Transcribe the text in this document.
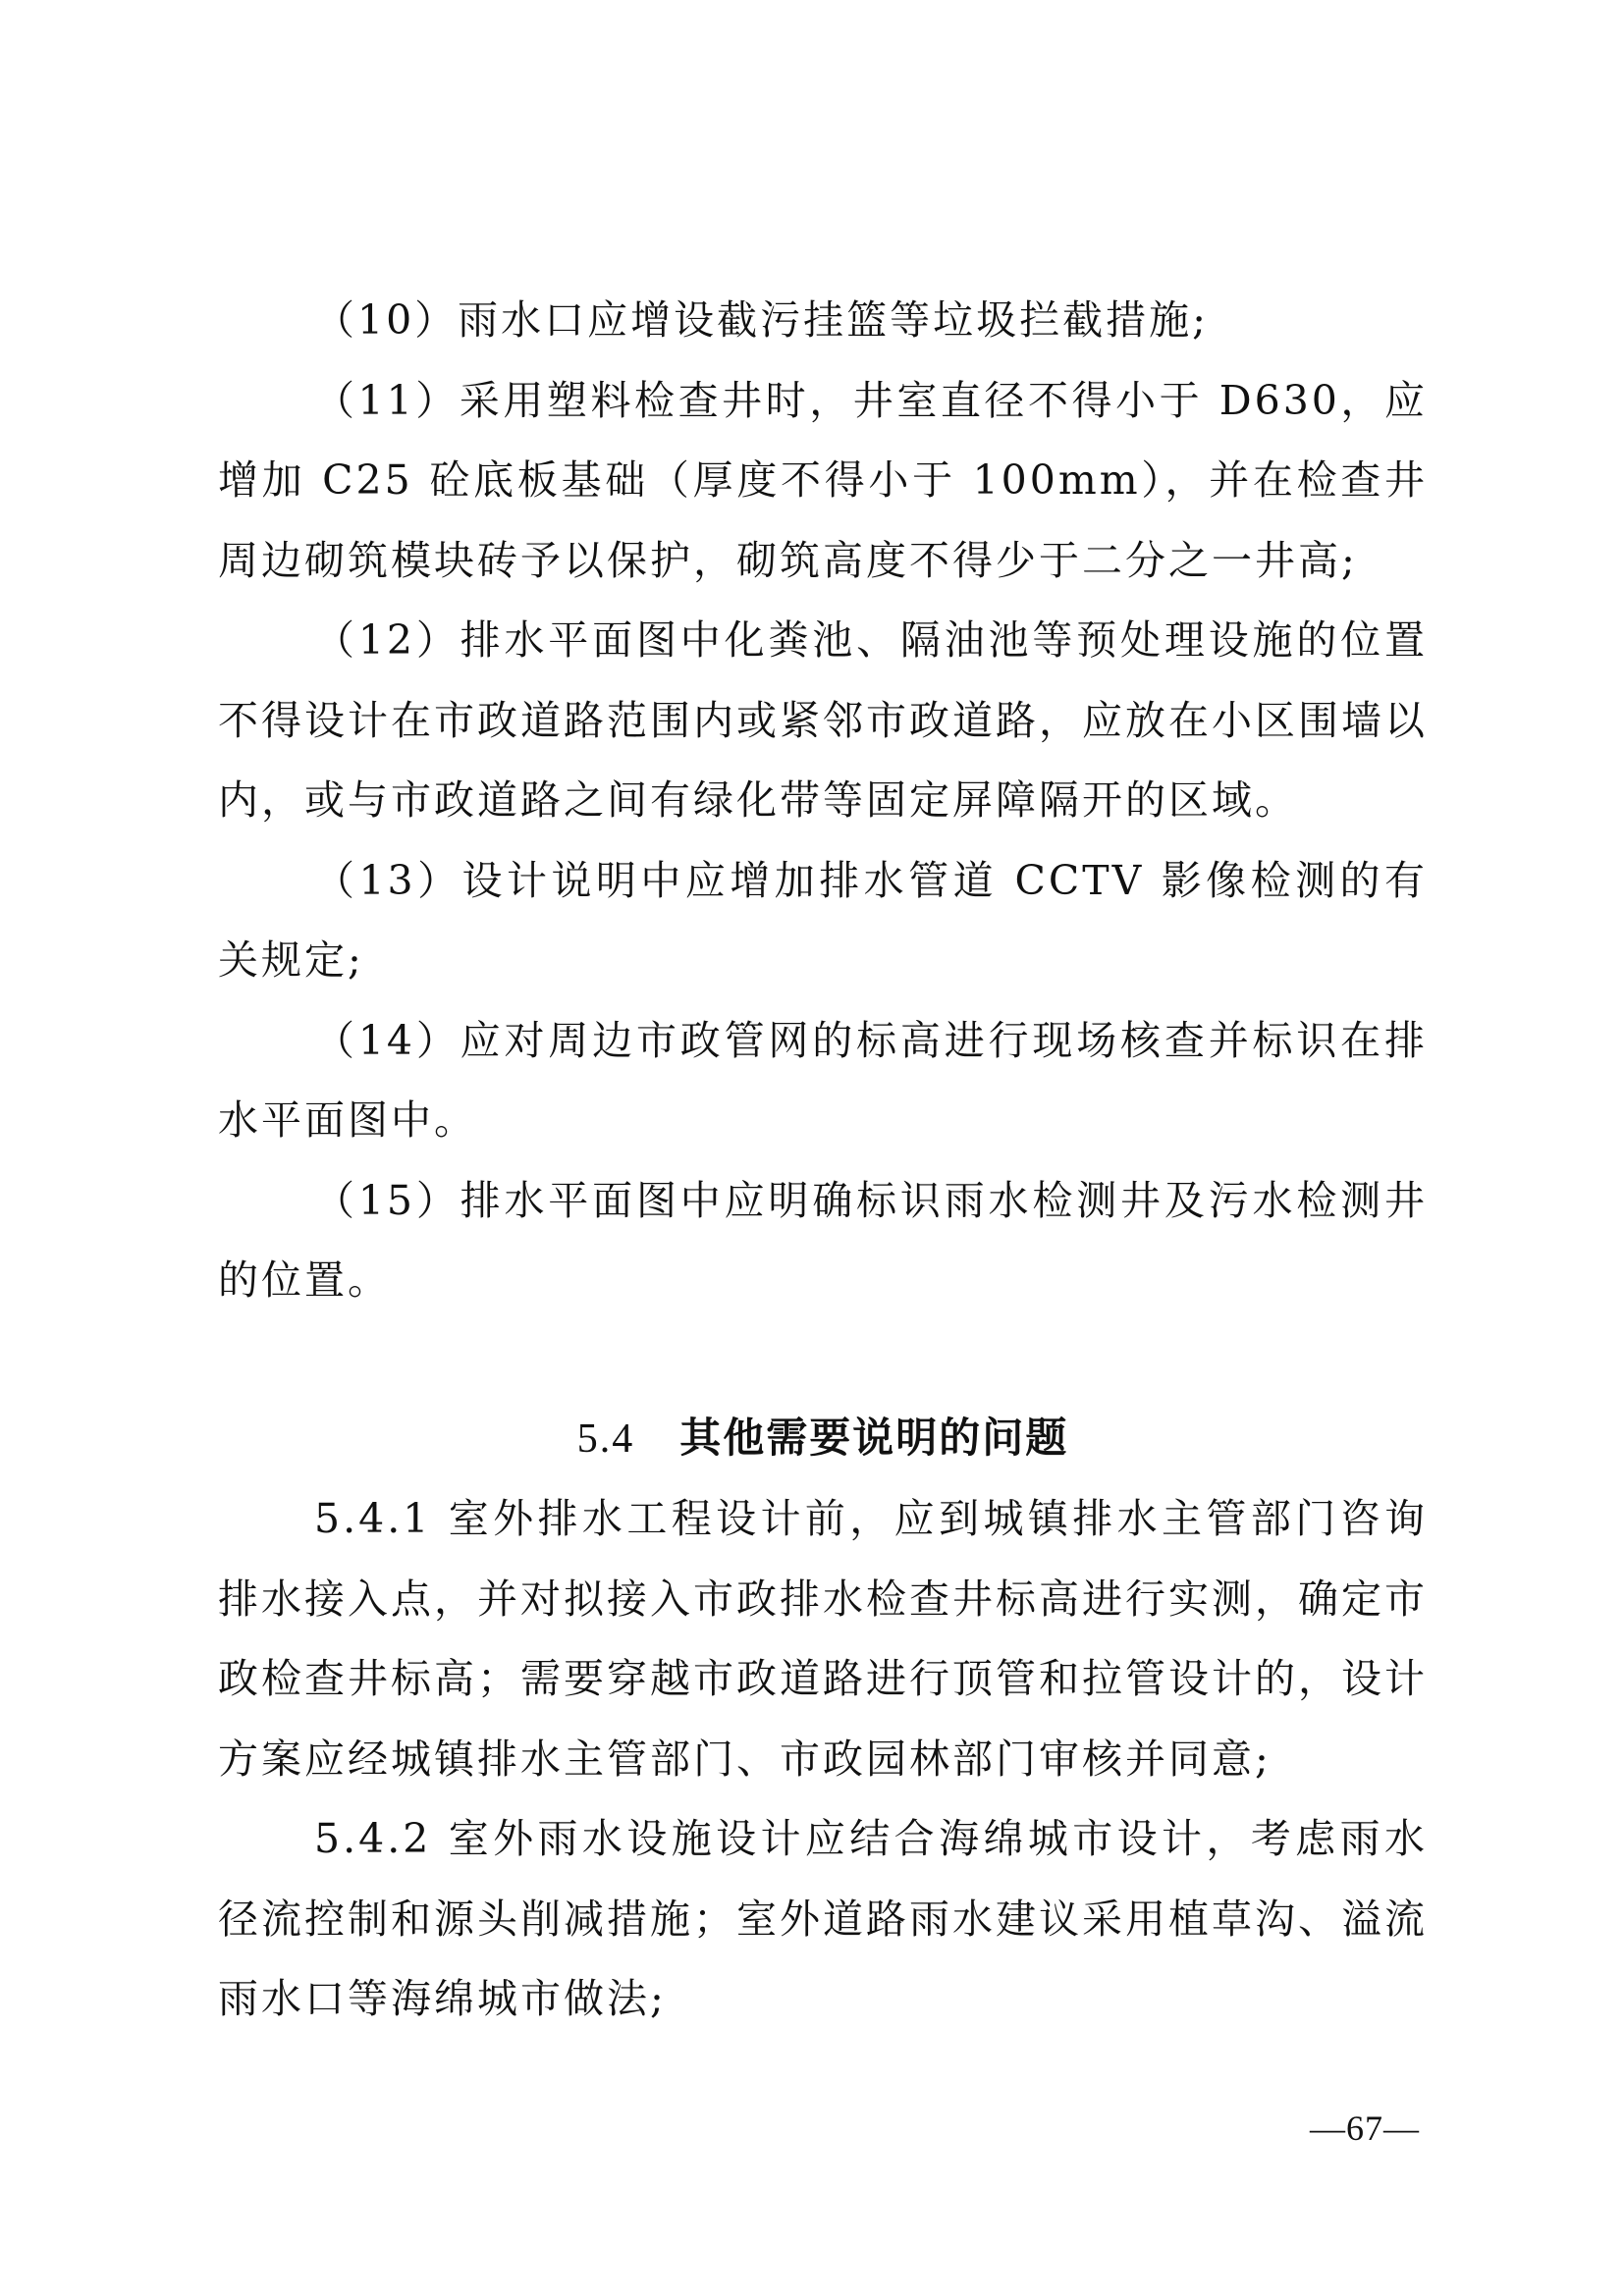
（10）雨水口应增设截污挂篮等垃圾拦截措施;

（11）采用塑料检查井时，井室直径不得小于 D630，应增加 C25 砼底板基础（厚度不得小于 100mm），并在检查井周边砌筑模块砖予以保护，砌筑高度不得少于二分之一井高;

（12）排水平面图中化粪池、隔油池等预处理设施的位置不得设计在市政道路范围内或紧邻市政道路，应放在小区围墙以内，或与市政道路之间有绿化带等固定屏障隔开的区域。

（13）设计说明中应增加排水管道 CCTV 影像检测的有关规定;

（14）应对周边市政管网的标高进行现场核查并标识在排水平面图中。

（15）排水平面图中应明确标识雨水检测井及污水检测井的位置。

5.4 其他需要说明的问题

5.4.1 室外排水工程设计前，应到城镇排水主管部门咨询排水接入点，并对拟接入市政排水检查井标高进行实测，确定市政检查井标高；需要穿越市政道路进行顶管和拉管设计的，设计方案应经城镇排水主管部门、市政园林部门审核并同意;

5.4.2 室外雨水设施设计应结合海绵城市设计，考虑雨水径流控制和源头削减措施；室外道路雨水建议采用植草沟、溢流雨水口等海绵城市做法;

—67—
